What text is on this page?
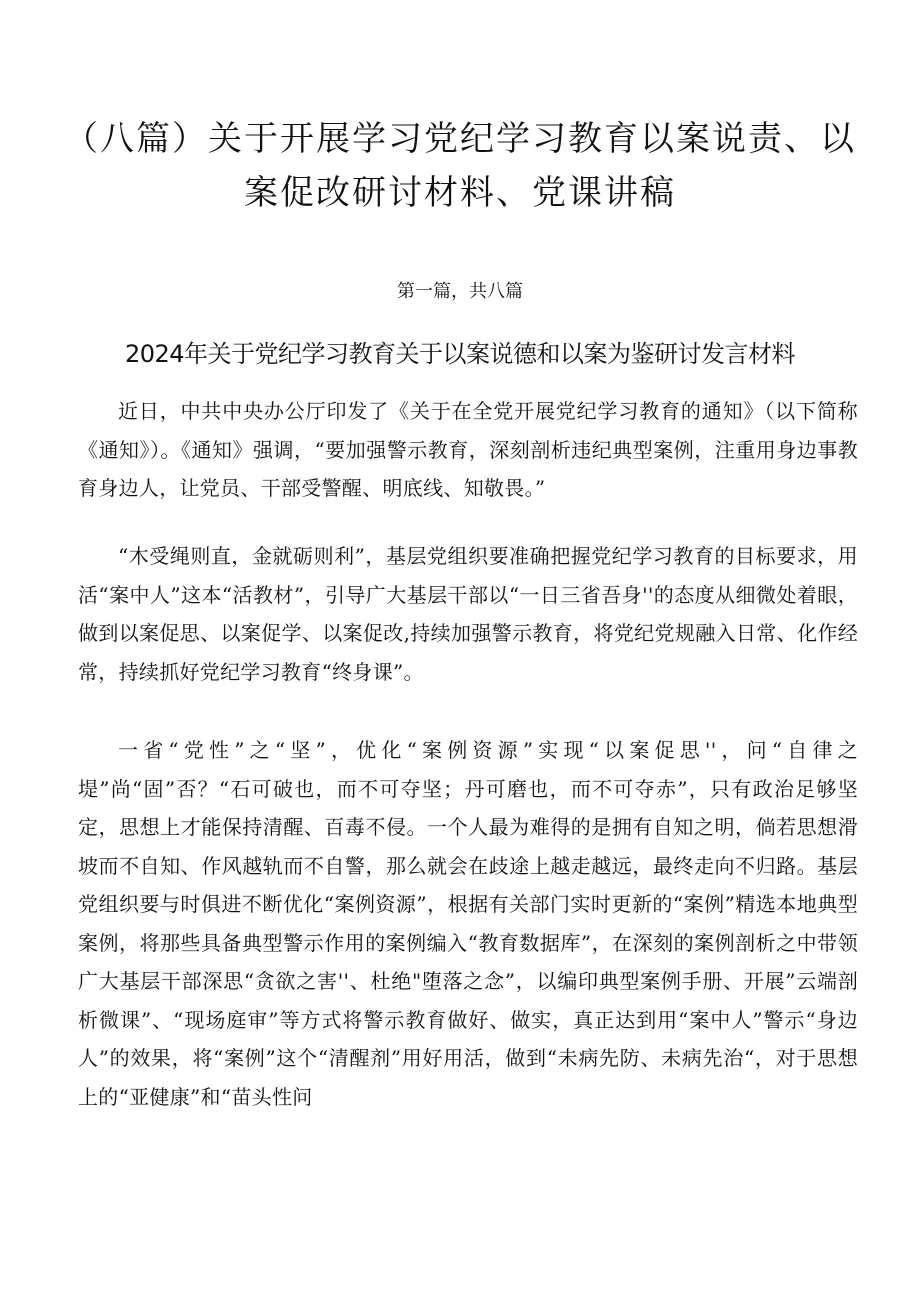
（八篇）关于开展学习党纪学习教育以案说责、以案促改研讨材料、党课讲稿
第一篇，共八篇
2024年关于党纪学习教育关于以案说德和以案为鉴研讨发言材料

近日，中共中央办公厅印发了《关于在全党开展党纪学习教育的通知》（以下简称《通知》）。《通知》强调，“要加强警示教育，深刻剖析违纪典型案例，注重用身边事教育身边人，让党员、干部受警醒、明底线、知敬畏。”

“木受绳则直，金就砺则利”，基层党组织要准确把握党纪学习教育的目标要求，用活“案中人”这本“活教材”，引导广大基层干部以“一日三省吾身''的态度从细微处着眼，做到以案促思、以案促学、以案促改,持续加强警示教育，将党纪党规融入日常、化作经常，持续抓好党纪学习教育“终身课”。

一省“党性”之“坚”，优化“案例资源”实现“以案促思''，问“自律之堤”尚“固”否？“石可破也，而不可夺坚；丹可磨也，而不可夺赤”，只有政治足够坚定，思想上才能保持清醒、百毒不侵。一个人最为难得的是拥有自知之明，倘若思想滑坡而不自知、作风越轨而不自警，那么就会在歧途上越走越远，最终走向不归路。基层党组织要与时俱进不断优化“案例资源”，根据有关部门实时更新的“案例”精选本地典型案例，将那些具备典型警示作用的案例编入“教育数据库”，在深刻的案例剖析之中带领广大基层干部深思“贪欲之害''、杜绝"堕落之念”，以编印典型案例手册、开展”云端剖析微课”、“现场庭审”等方式将警示教育做好、做实，真正达到用“案中人”警示“身边人”的效果，将“案例”这个“清醒剂”用好用活，做到“未病先防、未病先治“，对于思想上的“亚健康”和“苗头性问
